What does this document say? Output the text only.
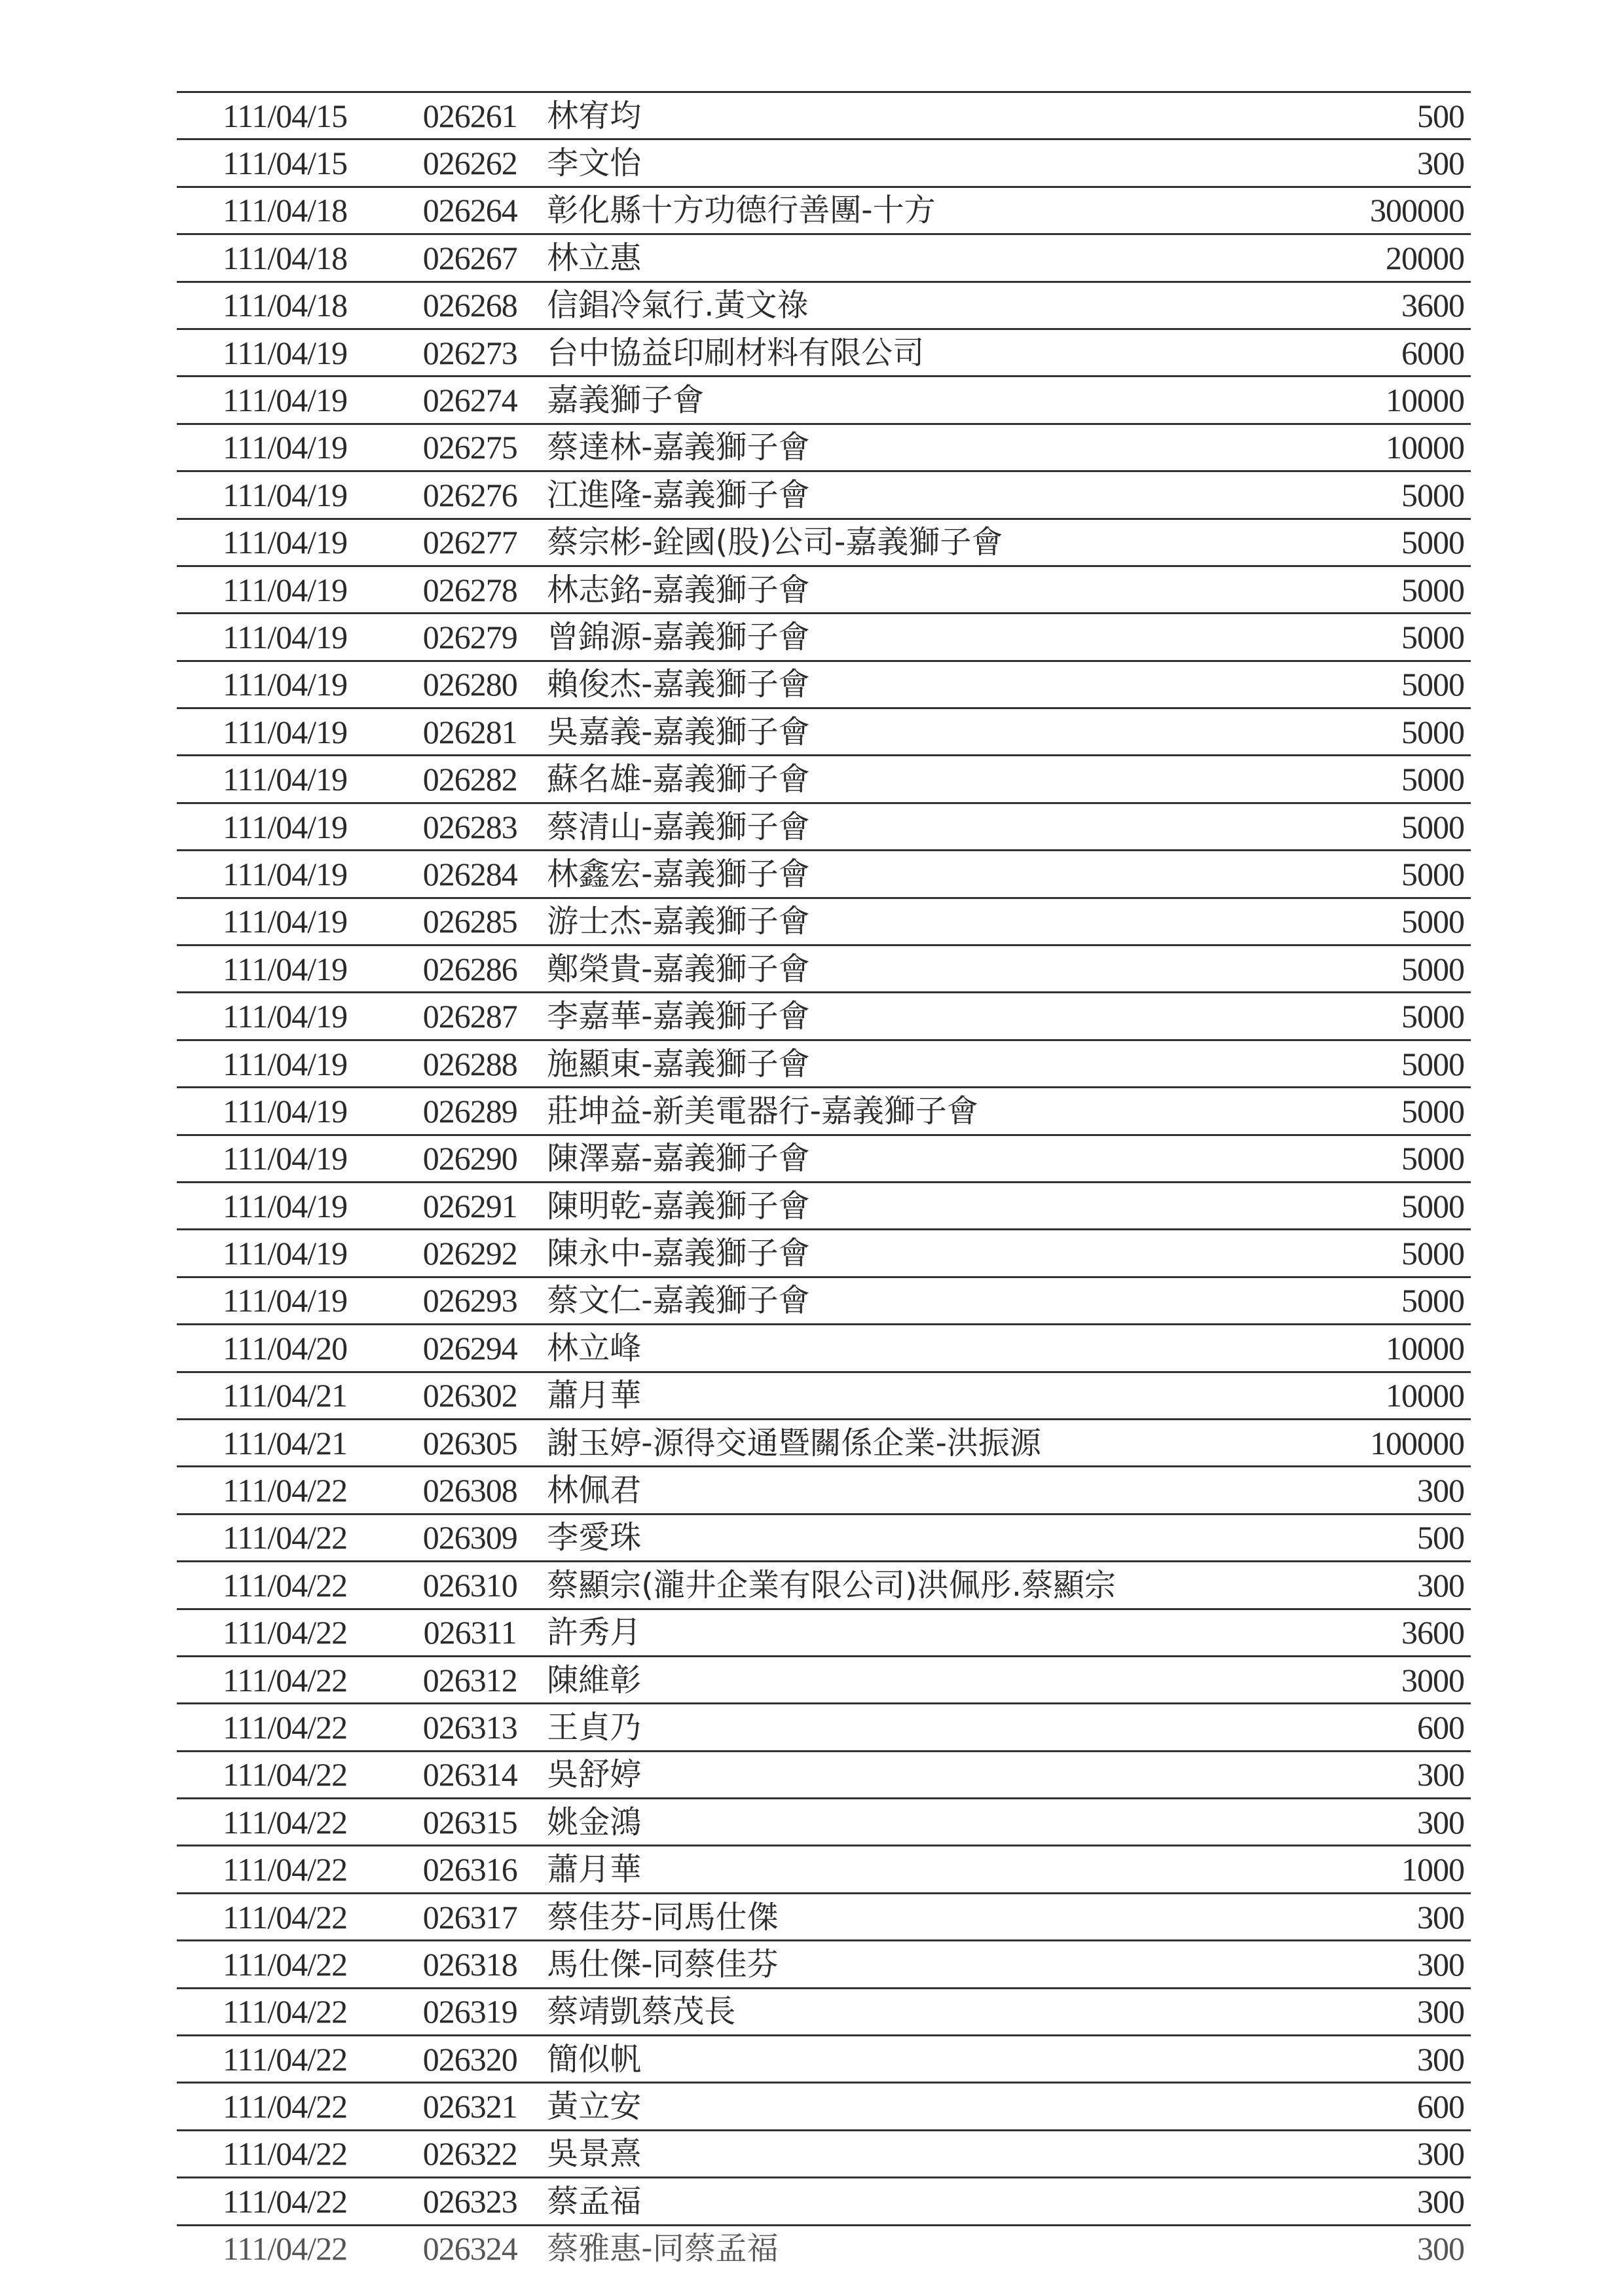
111/04/15	026261	林宥均	500
111/04/15	026262	李文怡	300
111/04/18	026264	彰化縣十方功德行善團-十方	300000
111/04/18	026267	林立惠	20000
111/04/18	026268	信錩冷氣行.黃文祿	3600
111/04/19	026273	台中協益印刷材料有限公司	6000
111/04/19	026274	嘉義獅子會	10000
111/04/19	026275	蔡達林-嘉義獅子會	10000
111/04/19	026276	江進隆-嘉義獅子會	5000
111/04/19	026277	蔡宗彬-銓國(股)公司-嘉義獅子會	5000
111/04/19	026278	林志銘-嘉義獅子會	5000
111/04/19	026279	曾錦源-嘉義獅子會	5000
111/04/19	026280	賴俊杰-嘉義獅子會	5000
111/04/19	026281	吳嘉義-嘉義獅子會	5000
111/04/19	026282	蘇名雄-嘉義獅子會	5000
111/04/19	026283	蔡清山-嘉義獅子會	5000
111/04/19	026284	林鑫宏-嘉義獅子會	5000
111/04/19	026285	游士杰-嘉義獅子會	5000
111/04/19	026286	鄭榮貴-嘉義獅子會	5000
111/04/19	026287	李嘉華-嘉義獅子會	5000
111/04/19	026288	施顯東-嘉義獅子會	5000
111/04/19	026289	莊坤益-新美電器行-嘉義獅子會	5000
111/04/19	026290	陳澤嘉-嘉義獅子會	5000
111/04/19	026291	陳明乾-嘉義獅子會	5000
111/04/19	026292	陳永中-嘉義獅子會	5000
111/04/19	026293	蔡文仁-嘉義獅子會	5000
111/04/20	026294	林立峰	10000
111/04/21	026302	蕭月華	10000
111/04/21	026305	謝玉婷-源得交通暨關係企業-洪振源	100000
111/04/22	026308	林佩君	300
111/04/22	026309	李愛珠	500
111/04/22	026310	蔡顯宗(瀧井企業有限公司)洪佩彤.蔡顯宗	300
111/04/22	026311	許秀月	3600
111/04/22	026312	陳維彰	3000
111/04/22	026313	王貞乃	600
111/04/22	026314	吳舒婷	300
111/04/22	026315	姚金鴻	300
111/04/22	026316	蕭月華	1000
111/04/22	026317	蔡佳芬-同馬仕傑	300
111/04/22	026318	馬仕傑-同蔡佳芬	300
111/04/22	026319	蔡靖凱蔡茂長	300
111/04/22	026320	簡似帆	300
111/04/22	026321	黃立安	600
111/04/22	026322	吳景熹	300
111/04/22	026323	蔡孟福	300
111/04/22	026324	蔡雅惠-同蔡孟福	300
